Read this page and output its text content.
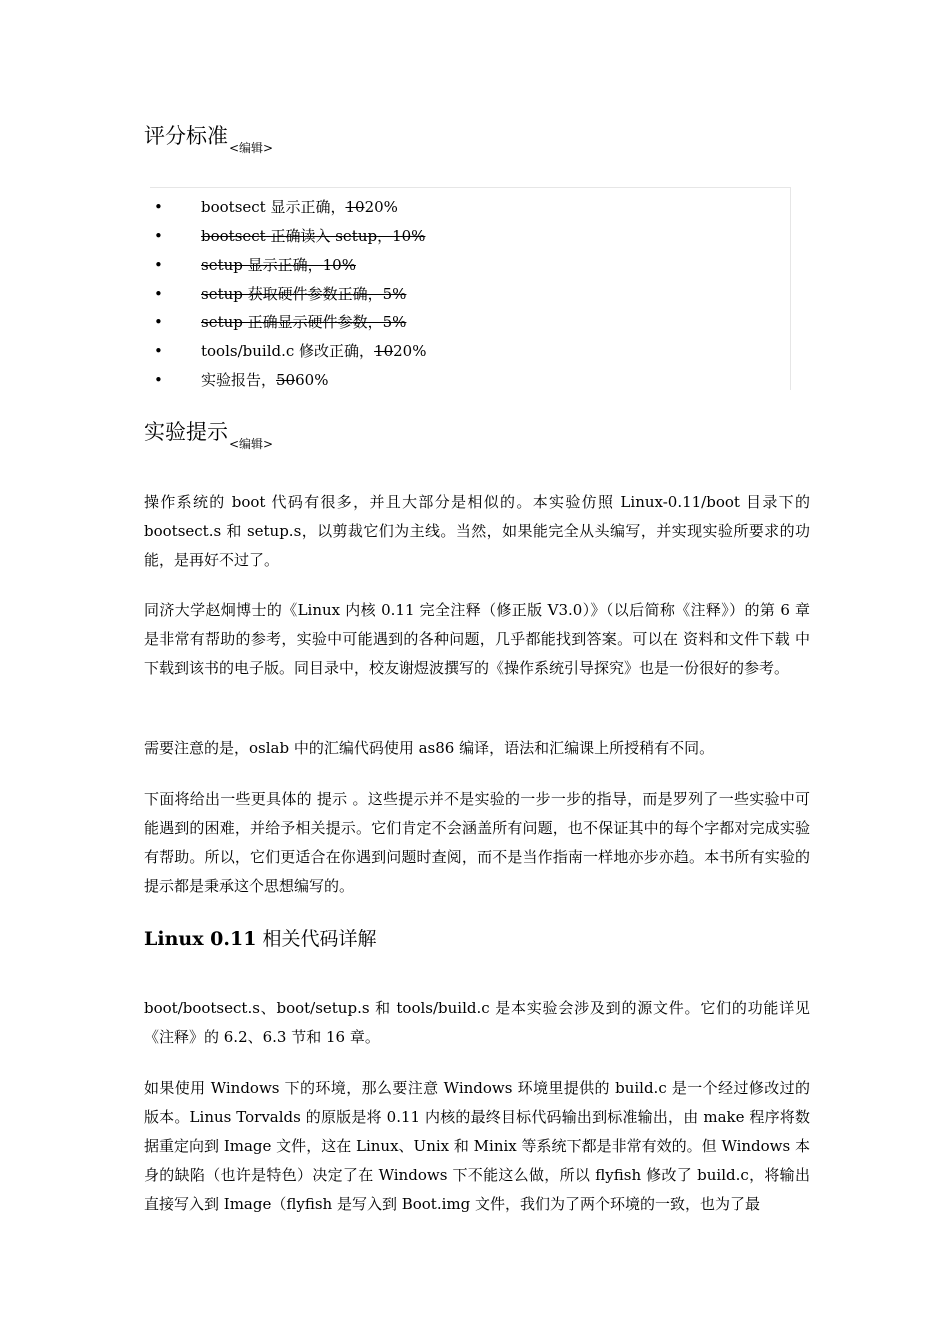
评分标准$_{<编辑>}$
•	bootsect 显示正确，1020%
•	bootsect 正确读入 setup，10%
•	setup 显示正确，10%
•	setup 获取硬件参数正确，5%
•	setup 正确显示硬件参数，5%
•	tools/build.c 修改正确，1020%
•	实验报告，5060%
实验提示$_{<编辑>}$

操作系统的 boot 代码有很多，并且大部分是相似的。本实验仿照 Linux-0.11/boot 目录下的 bootsect.s 和 setup.s，以剪裁它们为主线。当然，如果能完全从头编写，并实现实验所要求的功能，是再好不过了。

同济大学赵炯博士的《Linux 内核 0.11 完全注释（修正版 V3.0）》（以后简称《注释》）的第 6 章是非常有帮助的参考，实验中可能遇到的各种问题，几乎都能找到答案。可以在 资料和文件下载 中下载到该书的电子版。同目录中，校友谢煜波撰写的《操作系统引导探究》也是一份很好的参考。

需要注意的是，oslab 中的汇编代码使用 as86 编译，语法和汇编课上所授稍有不同。

下面将给出一些更具体的 提示 。这些提示并不是实验的一步一步的指导，而是罗列了一些实验中可能遇到的困难，并给予相关提示。它们肯定不会涵盖所有问题，也不保证其中的每个字都对完成实验有帮助。所以，它们更适合在你遇到问题时查阅，而不是当作指南一样地亦步亦趋。本书所有实验的提示都是秉承这个思想编写的。

Linux 0.11 相关代码详解

boot/bootsect.s、boot/setup.s 和 tools/build.c 是本实验会涉及到的源文件。它们的功能详见《注释》的 6.2、6.3 节和 16 章。

如果使用 Windows 下的环境，那么要注意 Windows 环境里提供的 build.c 是一个经过修改过的版本。Linus Torvalds 的原版是将 0.11 内核的最终目标代码输出到标准输出，由 make 程序将数据重定向到 Image 文件，这在 Linux、Unix 和 Minix 等系统下都是非常有效的。但 Windows 本身的缺陷（也许是特色）决定了在 Windows 下不能这么做，所以 flyfish 修改了 build.c，将输出直接写入到 Image（flyfish 是写入到 Boot.img 文件，我们为了两个环境的一致，也为了最
